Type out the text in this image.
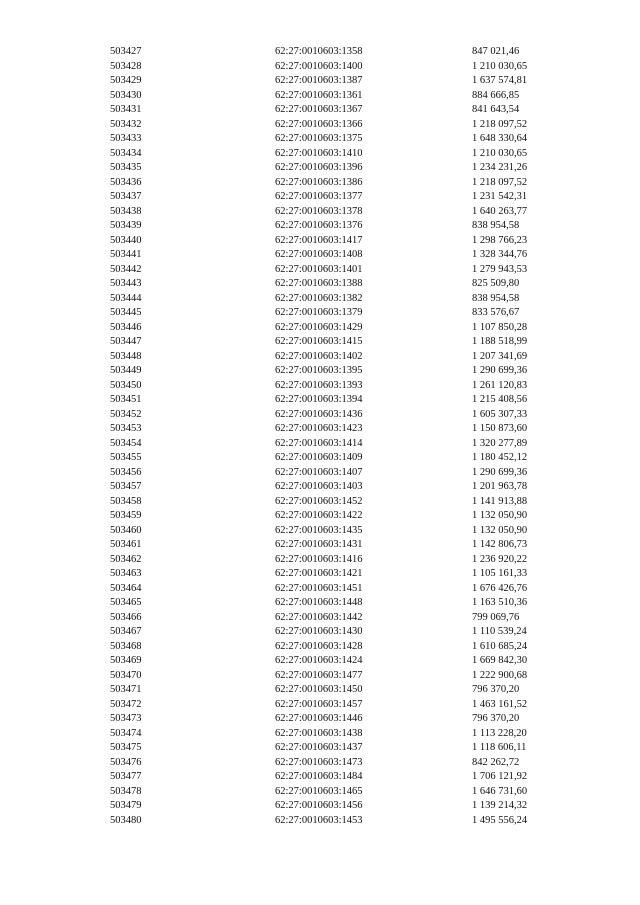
503427	62:27:0010603:1358	847 021,46
503428	62:27:0010603:1400	1 210 030,65
503429	62:27:0010603:1387	1 637 574,81
503430	62:27:0010603:1361	884 666,85
503431	62:27:0010603:1367	841 643,54
503432	62:27:0010603:1366	1 218 097,52
503433	62:27:0010603:1375	1 648 330,64
503434	62:27:0010603:1410	1 210 030,65
503435	62:27:0010603:1396	1 234 231,26
503436	62:27:0010603:1386	1 218 097,52
503437	62:27:0010603:1377	1 231 542,31
503438	62:27:0010603:1378	1 640 263,77
503439	62:27:0010603:1376	838 954,58
503440	62:27:0010603:1417	1 298 766,23
503441	62:27:0010603:1408	1 328 344,76
503442	62:27:0010603:1401	1 279 943,53
503443	62:27:0010603:1388	825 509,80
503444	62:27:0010603:1382	838 954,58
503445	62:27:0010603:1379	833 576,67
503446	62:27:0010603:1429	1 107 850,28
503447	62:27:0010603:1415	1 188 518,99
503448	62:27:0010603:1402	1 207 341,69
503449	62:27:0010603:1395	1 290 699,36
503450	62:27:0010603:1393	1 261 120,83
503451	62:27:0010603:1394	1 215 408,56
503452	62:27:0010603:1436	1 605 307,33
503453	62:27:0010603:1423	1 150 873,60
503454	62:27:0010603:1414	1 320 277,89
503455	62:27:0010603:1409	1 180 452,12
503456	62:27:0010603:1407	1 290 699,36
503457	62:27:0010603:1403	1 201 963,78
503458	62:27:0010603:1452	1 141 913,88
503459	62:27:0010603:1422	1 132 050,90
503460	62:27:0010603:1435	1 132 050,90
503461	62:27:0010603:1431	1 142 806,73
503462	62:27:0010603:1416	1 236 920,22
503463	62:27:0010603:1421	1 105 161,33
503464	62:27:0010603:1451	1 676 426,76
503465	62:27:0010603:1448	1 163 510,36
503466	62:27:0010603:1442	799 069,76
503467	62:27:0010603:1430	1 110 539,24
503468	62:27:0010603:1428	1 610 685,24
503469	62:27:0010603:1424	1 669 842,30
503470	62:27:0010603:1477	1 222 900,68
503471	62:27:0010603:1450	796 370,20
503472	62:27:0010603:1457	1 463 161,52
503473	62:27:0010603:1446	796 370,20
503474	62:27:0010603:1438	1 113 228,20
503475	62:27:0010603:1437	1 118 606,11
503476	62:27:0010603:1473	842 262,72
503477	62:27:0010603:1484	1 706 121,92
503478	62:27:0010603:1465	1 646 731,60
503479	62:27:0010603:1456	1 139 214,32
503480	62:27:0010603:1453	1 495 556,24
